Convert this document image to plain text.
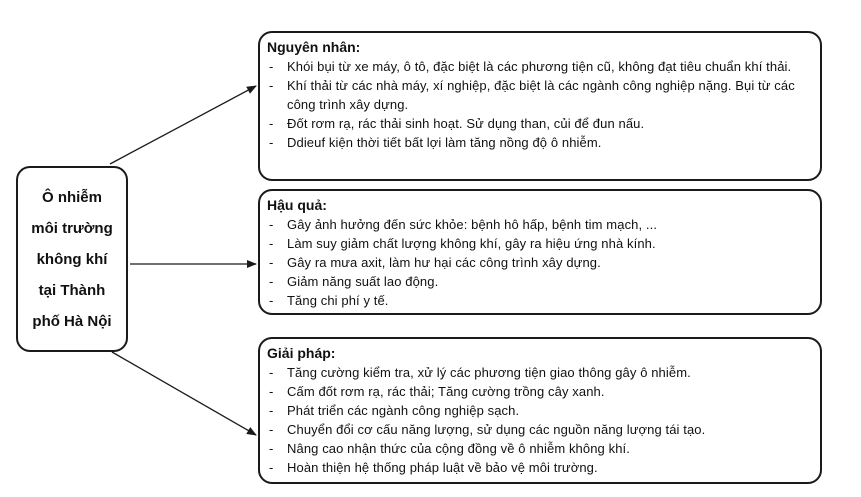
Ô nhiễm
môi trường
không khí
tại Thành
phố Hà Nội
Nguyên nhân:
- Khói bụi từ xe máy, ô tô, đặc biệt là các phương tiện cũ, không đạt tiêu chuẩn khí thải.
- Khí thải từ các nhà máy, xí nghiệp, đặc biệt là các ngành công nghiệp nặng. Bụi từ các công trình xây dựng.
- Đốt rơm rạ, rác thải sinh hoạt. Sử dụng than, củi để đun nấu.
- Ddieuf kiện thời tiết bất lợi làm tăng nồng độ ô nhiễm.
Hậu quả:
- Gây ảnh hưởng đến sức khỏe: bệnh hô hấp, bệnh tim mạch, ...
- Làm suy giảm chất lượng không khí, gây ra hiệu ứng nhà kính.
- Gây ra mưa axit, làm hư hại các công trình xây dựng.
- Giảm năng suất lao động.
- Tăng chi phí y tế.
Giải pháp:
- Tăng cường kiểm tra, xử lý các phương tiện giao thông gây ô nhiễm.
- Cấm đốt rơm rạ, rác thải; Tăng cường trồng cây xanh.
- Phát triển các ngành công nghiệp sạch.
- Chuyển đổi cơ cấu năng lượng, sử dụng các nguồn năng lượng tái tạo.
- Nâng cao nhận thức của cộng đồng về ô nhiễm không khí.
- Hoàn thiện hệ thống pháp luật về bảo vệ môi trường.
